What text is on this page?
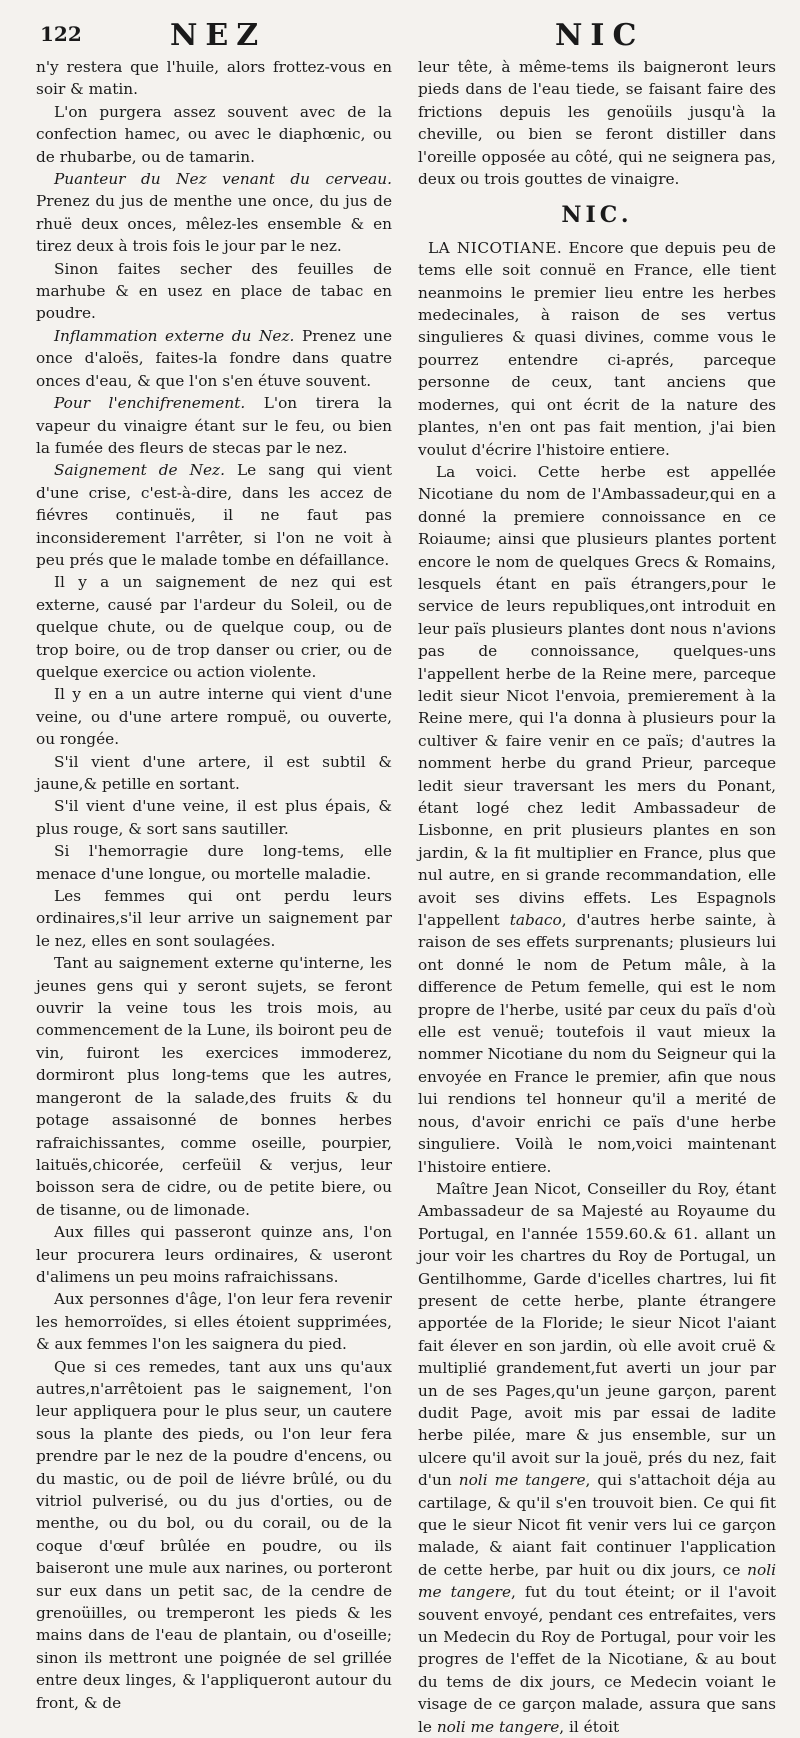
122	NEZ	NIC

n'y restera que l'huile, alors frottez-vous en soir & matin.

L'on purgera assez souvent avec de la confection hamec, ou avec le diaphœnic, ou de rhubarbe, ou de tamarin.

Puanteur du Nez venant du cerveau. Prenez du jus de menthe une once, du jus de rhuë deux onces, mêlez-les ensemble & en tirez deux à trois fois le jour par le nez.

Sinon faites secher des feuilles de marhube & en usez en place de tabac en poudre.

Inflammation externe du Nez. Prenez une once d'aloës, faites-la fondre dans quatre onces d'eau, & que l'on s'en étuve souvent.

Pour l'enchifrenement. L'on tirera la vapeur du vinaigre étant sur le feu, ou bien la fumée des fleurs de stecas par le nez.

Saignement de Nez. Le sang qui vient d'une crise, c'est-à-dire, dans les accez de fiévres continuës, il ne faut pas inconsiderement l'arrêter, si l'on ne voit à peu prés que le malade tombe en défaillance.

Il y a un saignement de nez qui est externe, causé par l'ardeur du Soleil, ou de quelque chute, ou de quelque coup, ou de trop boire, ou de trop danser ou crier, ou de quelque exercice ou action violente.

Il y en a un autre interne qui vient d'une veine, ou d'une artere rompuë, ou ouverte, ou rongée.

S'il vient d'une artere, il est subtil & jaune,& petille en sortant.

S'il vient d'une veine, il est plus épais, & plus rouge, & sort sans sautiller.

Si l'hemorragie dure long-tems, elle menace d'une longue, ou mortelle maladie.

Les femmes qui ont perdu leurs ordinaires,s'il leur arrive un saignement par le nez, elles en sont soulagées.

Tant au saignement externe qu'interne, les jeunes gens qui y seront sujets, se feront ouvrir la veine tous les trois mois, au commencement de la Lune, ils boiront peu de vin, fuiront les exercices immoderez, dormiront plus long-tems que les autres, mangeront de la salade,des fruits & du potage assaisonné de bonnes herbes rafraichissantes, comme oseille, pourpier, laituës,chicorée, cerfeüil & verjus, leur boisson sera de cidre, ou de petite biere, ou de tisanne, ou de limonade.

Aux filles qui passeront quinze ans, l'on leur procurera leurs ordinaires, & useront d'alimens un peu moins rafraichissans.

Aux personnes d'âge, l'on leur fera revenir les hemorroïdes, si elles étoient supprimées, & aux femmes l'on les saignera du pied.

Que si ces remedes, tant aux uns qu'aux autres,n'arrêtoient pas le saignement, l'on leur appliquera pour le plus seur, un cautere sous la plante des pieds, ou l'on leur fera prendre par le nez de la poudre d'encens, ou du mastic, ou de poil de liévre brûlé, ou du vitriol pulverisé, ou du jus d'orties, ou de menthe, ou du bol, ou du corail, ou de la coque d'œuf brûlée en poudre, ou ils baiseront une mule aux narines, ou porteront sur eux dans un petit sac, de la cendre de grenoüilles, ou tremperont les pieds & les mains dans de l'eau de plantain, ou d'oseille; sinon ils mettront une poignée de sel grillée entre deux linges, & l'appliqueront autour du front, & de

leur tête, à même-tems ils baigneront leurs pieds dans de l'eau tiede, se faisant faire des frictions depuis les genoüils jusqu'à la cheville, ou bien se feront distiller dans l'oreille opposée au côté, qui ne seignera pas, deux ou trois gouttes de vinaigre.

NIC.

LA NICOTIANE. Encore que depuis peu de tems elle soit connuë en France, elle tient neanmoins le premier lieu entre les herbes medecinales, à raison de ses vertus singulieres & quasi divines, comme vous le pourrez entendre ci-aprés, parceque personne de ceux, tant anciens que modernes, qui ont écrit de la nature des plantes, n'en ont pas fait mention, j'ai bien voulut d'écrire l'histoire entiere.

La voici. Cette herbe est appellée Nicotiane du nom de l'Ambassadeur,qui en a donné la premiere connoissance en ce Roiaume; ainsi que plusieurs plantes portent encore le nom de quelques Grecs & Romains, lesquels étant en païs étrangers,pour le service de leurs republiques,ont introduit en leur païs plusieurs plantes dont nous n'avions pas de connoissance, quelques-uns l'appellent herbe de la Reine mere, parceque ledit sieur Nicot l'envoia, premierement à la Reine mere, qui l'a donna à plusieurs pour la cultiver & faire venir en ce païs; d'autres la nomment herbe du grand Prieur, parceque ledit sieur traversant les mers du Ponant, étant logé chez ledit Ambassadeur de Lisbonne, en prit plusieurs plantes en son jardin, & la fit multiplier en France, plus que nul autre, en si grande recommandation, elle avoit ses divins effets. Les Espagnols l'appellent tabaco, d'autres herbe sainte, à raison de ses effets surprenants; plusieurs lui ont donné le nom de Petum mâle, à la difference de Petum femelle, qui est le nom propre de l'herbe, usité par ceux du païs d'où elle est venuë; toutefois il vaut mieux la nommer Nicotiane du nom du Seigneur qui la envoyée en France le premier, afin que nous lui rendions tel honneur qu'il a merité de nous, d'avoir enrichi ce païs d'une herbe singuliere. Voilà le nom,voici maintenant l'histoire entiere.

Maître Jean Nicot, Conseiller du Roy, étant Ambassadeur de sa Majesté au Royaume du Portugal, en l'année 1559.60.& 61. allant un jour voir les chartres du Roy de Portugal, un Gentilhomme, Garde d'icelles chartres, lui fit present de cette herbe, plante étrangere apportée de la Floride; le sieur Nicot l'aiant fait élever en son jardin, où elle avoit cruë & multiplié grandement,fut averti un jour par un de ses Pages,qu'un jeune garçon, parent dudit Page, avoit mis par essai de ladite herbe pilée, mare & jus ensemble, sur un ulcere qu'il avoit sur la jouë, prés du nez, fait d'un noli me tangere, qui s'attachoit déja au cartilage, & qu'il s'en trouvoit bien. Ce qui fit que le sieur Nicot fit venir vers lui ce garçon malade, & aiant fait continuer l'application de cette herbe, par huit ou dix jours, ce noli me tangere, fut du tout éteint; or il l'avoit souvent envoyé, pendant ces entrefaites, vers un Medecin du Roy de Portugal, pour voir les progres de l'effet de la Nicotiane, & au bout du tems de dix jours, ce Medecin voiant le visage de ce garçon malade, assura que sans le noli me tangere, il étoit
